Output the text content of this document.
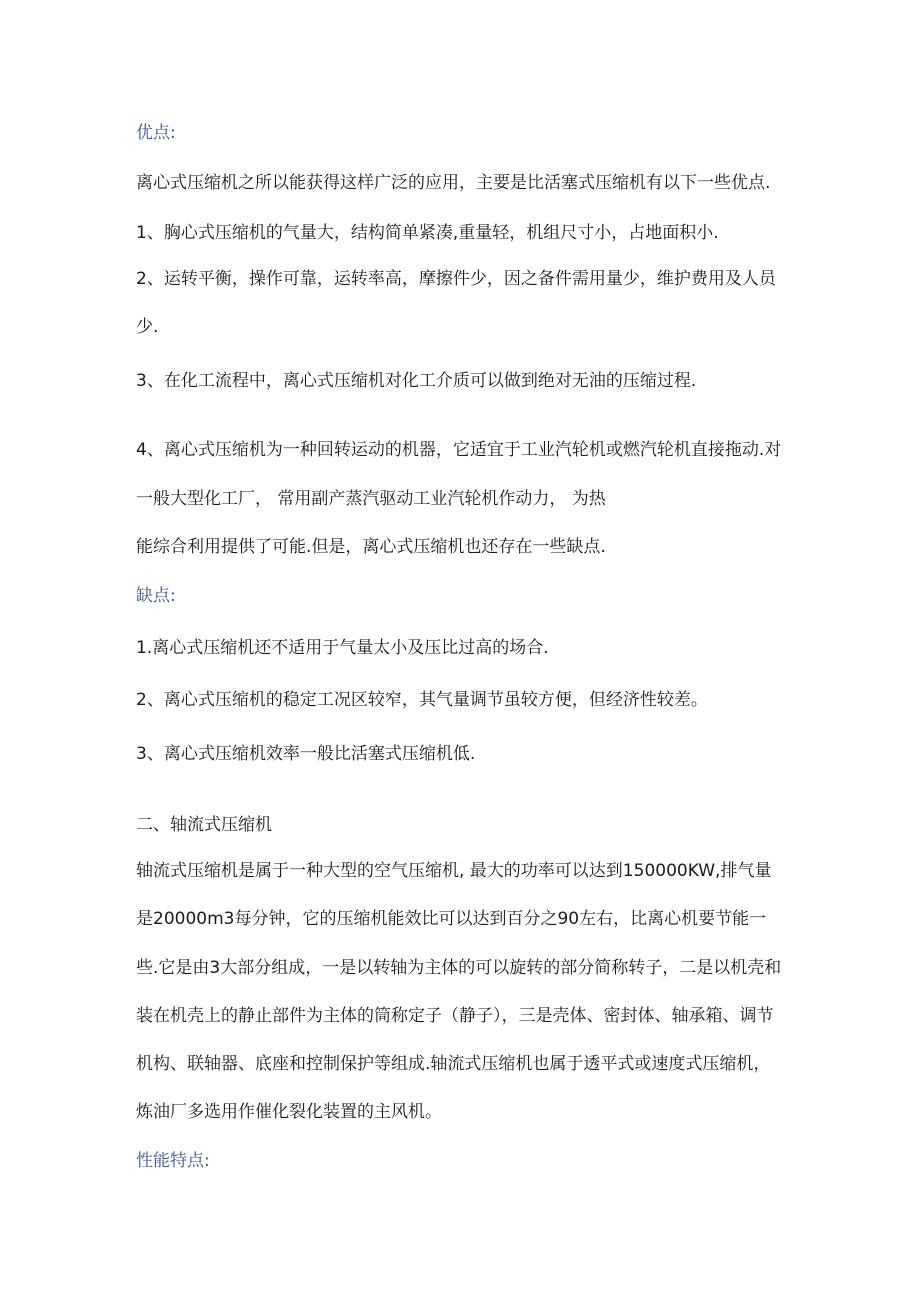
优点:
离心式压缩机之所以能获得这样广泛的应用，主要是比活塞式压缩机有以下一些优点.
1、胸心式压缩机的气量大，结构简单紧凑,重量轻，机组尺寸小，占地面积小.
2、运转平衡，操作可靠，运转率高，摩擦件少，因之备件需用量少，维护费用及人员
少.
3、在化工流程中，离心式压缩机对化工介质可以做到绝对无油的压缩过程.
4、离心式压缩机为一种回转运动的机器，它适宜于工业汽轮机或燃汽轮机直接拖动.对
一般大型化工厂， 常用副产蒸汽驱动工业汽轮机作动力， 为热
能综合利用提供了可能.但是，离心式压缩机也还存在一些缺点.
缺点:
1.离心式压缩机还不适用于气量太小及压比过高的场合.
2、离心式压缩机的稳定工况区较窄，其气量调节虽较方便，但经济性较差。
3、离心式压缩机效率一般比活塞式压缩机低.
二、轴流式压缩机
轴流式压缩机是属于一种大型的空气压缩机, 最大的功率可以达到150000KW,排气量
是20000m3每分钟，它的压缩机能效比可以达到百分之90左右，比离心机要节能一
些.它是由3大部分组成，一是以转轴为主体的可以旋转的部分简称转子，二是以机壳和
装在机壳上的静止部件为主体的筒称定子（静子），三是壳体、密封体、轴承箱、调节
机构、联轴器、底座和控制保护等组成.轴流式压缩机也属于透平式或速度式压缩机，
炼油厂多选用作催化裂化装置的主风机。
性能特点:
